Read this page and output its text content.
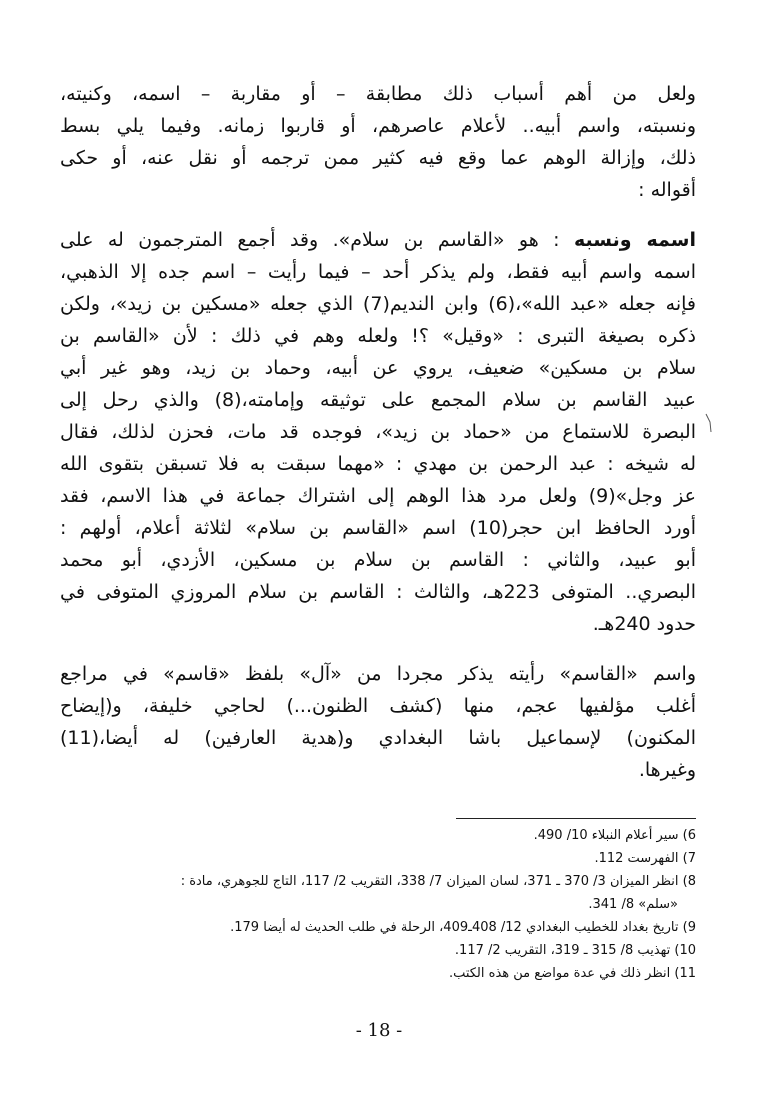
ولعل من أهم أسباب ذلك مطابقة – أو مقاربة – اسمه، وكنيته،
ونسبته، واسم أبيه.. لأعلام عاصرهم، أو قاربوا زمانه. وفيما يلي بسط
ذلك، وإزالة الوهم عما وقع فيه كثير ممن ترجمه أو نقل عنه، أو حكى
أقواله :
اسمه ونسبه : هو «القاسم بن سلام». وقد أجمع المترجمون له على
اسمه واسم أبيه فقط، ولم يذكر أحد – فيما رأيت – اسم جده إلا الذهبي،
فإنه جعله «عبد الله»،(6) وابن النديم(7) الذي جعله «مسكين بن زيد»، ولكن
ذكره بصيغة التبرى : «وقيل» ؟! ولعله وهم في ذلك : لأن «القاسم بن
سلام بن مسكين» ضعيف، يروي عن أبيه، وحماد بن زيد، وهو غير أبي
عبيد القاسم بن سلام المجمع على توثيقه وإمامته،(8) والذي رحل إلى
البصرة للاستماع من «حماد بن زيد»، فوجده قد مات، فحزن لذلك، فقال
له شيخه : عبد الرحمن بن مهدي : «مهما سبقت به فلا تسبقن بتقوى الله
عز وجل»(9) ولعل مرد هذا الوهم إلى اشتراك جماعة في هذا الاسم، فقد
أورد الحافظ ابن حجر(10) اسم «القاسم بن سلام» لثلاثة أعلام، أولهم :
أبو عبيد، والثاني : القاسم بن سلام بن مسكين، الأزدي، أبو محمد
البصري.. المتوفى 223هـ، والثالث : القاسم بن سلام المروزي المتوفى في
حدود 240هـ.
واسم «القاسم» رأيته يذكر مجردا من «آل» بلفظ «قاسم» في مراجع
أغلب مؤلفيها عجم، منها (كشف الظنون...) لحاجي خليفة، و(إيضاح
المكنون) لإسماعيل باشا البغدادي و(هدية العارفين) له أيضا،(11)
وغيرها.
6) سير أعلام النبلاء 10/ 490.
7) الفهرست 112.
8) انظر الميزان 3/ 370 ـ 371، لسان الميزان 7/ 338، التقريب 2/ 117، التاج للجوهري، مادة :
«سلم» 8/ 341.
9) تاريخ بغداد للخطيب البغدادي 12/ 408ـ409، الرحلة في طلب الحديث له أيضا 179.
10) تهذيب 8/ 315 ـ 319، التقريب 2/ 117.
11) انظر ذلك في عدة مواضع من هذه الكتب.
- 18 -
